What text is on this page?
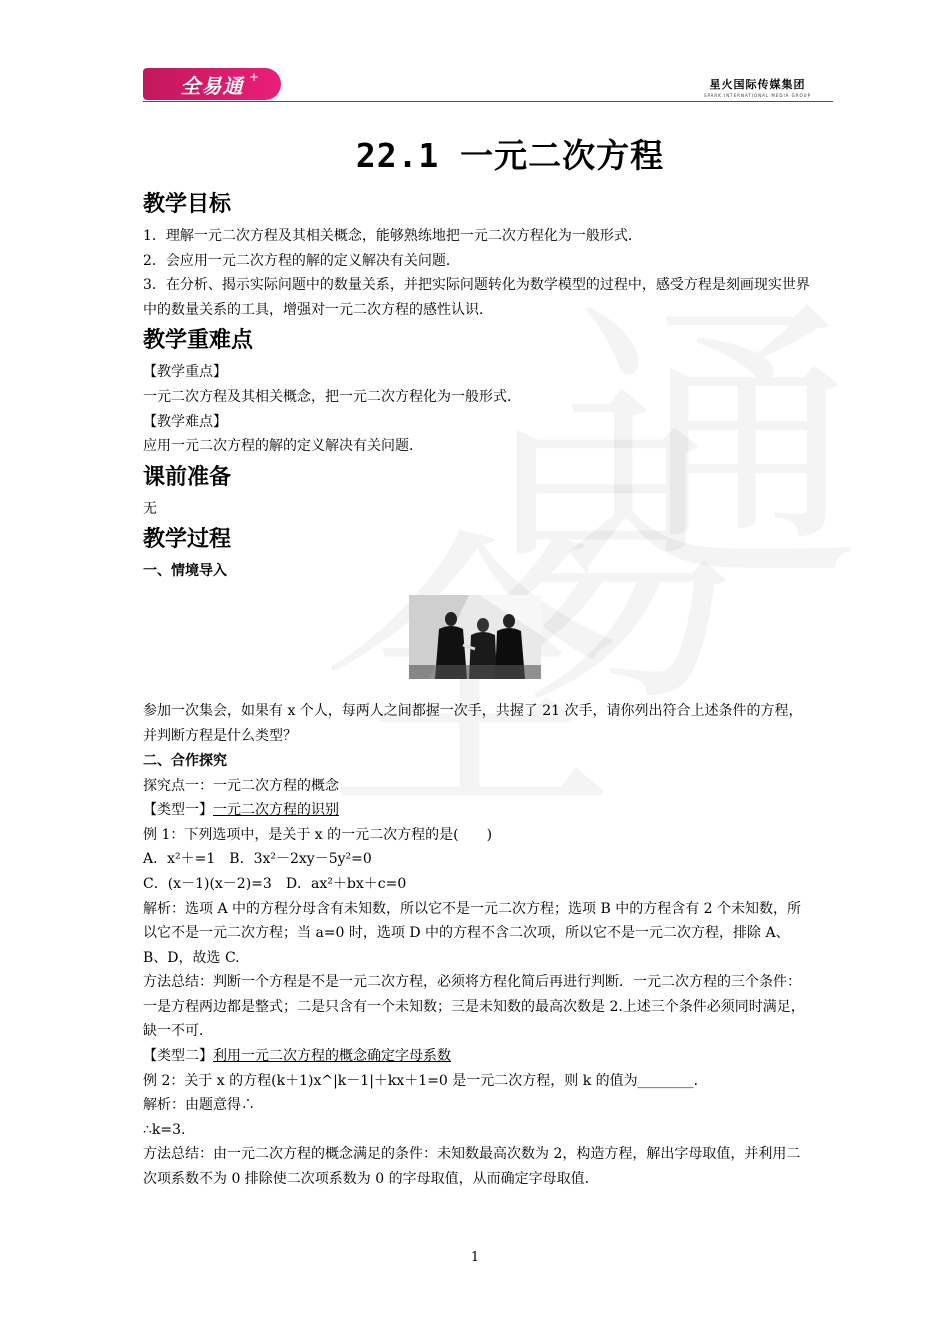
全易通 +
星火国际传媒集团
SPARK INTERNATIONAL MEDIA GROUP
22.1 一元二次方程
教学目标

1．理解一元二次方程及其相关概念，能够熟练地把一元二次方程化为一般形式．

2．会应用一元二次方程的解的定义解决有关问题．

3．在分析、揭示实际问题中的数量关系，并把实际问题转化为数学模型的过程中，感受方程是刻画现实世界中的数量关系的工具，增强对一元二次方程的感性认识．

教学重难点

【教学重点】

一元二次方程及其相关概念，把一元二次方程化为一般形式．

【教学难点】

应用一元二次方程的解的定义解决有关问题．

课前准备

无

教学过程
一、情境导入

参加一次集会，如果有 x 个人，每两人之间都握一次手，共握了 21 次手，请你列出符合上述条件的方程，并判断方程是什么类型？

二、合作探究

探究点一：一元二次方程的概念

【类型一】一元二次方程的识别

例 1：下列选项中，是关于 x 的一元二次方程的是(　　)

A．x²＋=1  B．3x²－2xy－5y²=0

C．(x－1)(x－2)=3  D．ax²＋bx＋c=0

解析：选项 A 中的方程分母含有未知数，所以它不是一元二次方程；选项 B 中的方程含有 2 个未知数，所以它不是一元二次方程；当 a=0 时，选项 D 中的方程不含二次项，所以它不是一元二次方程，排除 A、B、D，故选 C.

方法总结：判断一个方程是不是一元二次方程，必须将方程化简后再进行判断．一元二次方程的三个条件：一是方程两边都是整式；二是只含有一个未知数；三是未知数的最高次数是 2.上述三个条件必须同时满足，缺一不可．

【类型二】利用一元二次方程的概念确定字母系数

例 2：关于 x 的方程(k＋1)x^|k－1|＋kx＋1=0 是一元二次方程，则 k 的值为________．

解析：由题意得∴

∴k=3.

方法总结：由一元二次方程的概念满足的条件：未知数最高次数为 2，构造方程，解出字母取值，并利用二次项系数不为 0 排除使二次项系数为 0 的字母取值，从而确定字母取值．

1
